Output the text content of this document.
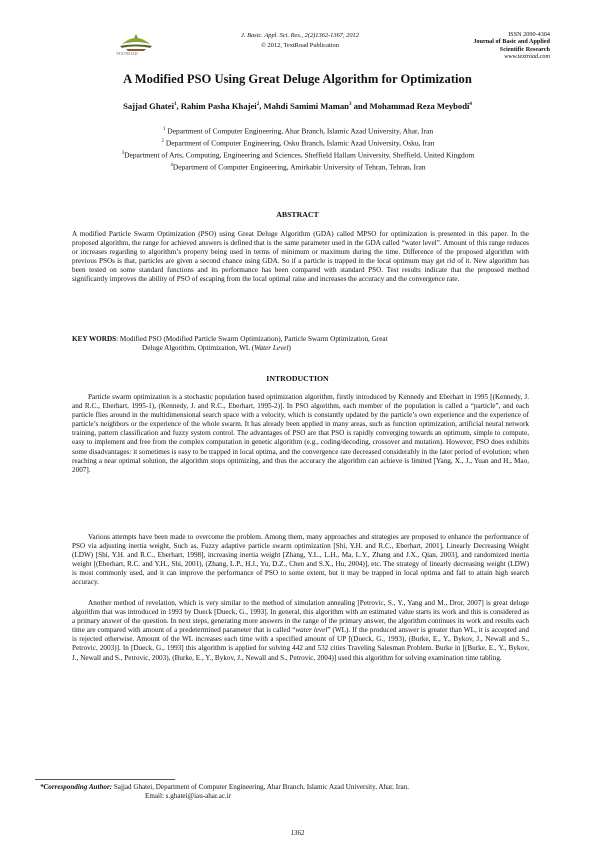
TEXTROAD
J. Basic. Appl. Sci. Res., 2(2)1362-1367, 2012
© 2012, TextRoad Publication
ISSN 2090-4304
Journal of Basic and Applied
Scientific Research
www.textroad.com
A Modified PSO Using Great Deluge Algorithm for Optimization
Sajjad Ghatei$^1$, Rahim Pasha Khajei$^2$, Mahdi Samimi Maman$^3$ and Mohammad Reza Meybodi$^4$
$^1$ Department of Computer Engineering, Ahar Branch, Islamic Azad University, Ahar, Iran
$^2$ Department of Computer Engineering, Osku Branch, Islamic Azad University, Osku, Iran
$^3$Department of Arts, Computing, Engineering and Sciences, Sheffield Hallam University, Sheffield, United Kingdom
$^4$Department of Computer Engineering, Amirkabir University of Tehran, Tehran, Iran
ABSTRACT
A modified Particle Swarm Optimization (PSO) using Great Deluge Algorithm (GDA) called MPSO for optimization is presented in this paper. In the proposed algorithm, the range for achieved answers is defined that is the same parameter used in the GDA called “water level”. Amount of this range reduces or increases regarding to algorithm’s property being used in terms of minimum or maximum during the time. Difference of the proposed algorithm with previous PSOs is that, particles are given a second chance using GDA. So if a particle is trapped in the local optimum may get rid of it. New algorithm has been tested on some standard functions and its performance has been compared with standard PSO. Test results indicate that the proposed method significantly improves the ability of PSO of escaping from the local optimal raise and increases the accuracy and the convergence rate.
KEY WORDS: Modified PSO (Modified Particle Swarm Optimization), Particle Swarm Optimization, Great
Deluge Algorithm, Optimization, WL (Water Level)
INTRODUCTION
Particle swarm optimization is a stochastic population based optimization algorithm, firstly introduced by Kennedy and Eberhart in 1995 [(Kennedy, J. and R.C., Eberhart, 1995-1), (Kennedy, J. and R.C., Eberhart, 1995-2)]. In PSO algorithm, each member of the population is called a “particle”, and each particle flies around in the multidimensional search space with a velocity, which is constantly updated by the particle’s own experience and the experience of particle’s neighbors or the experience of the whole swarm. It has already been applied in many areas, such as function optimization, artificial neural network training, pattern classification and fuzzy system control. The advantages of PSO are that PSO is rapidly converging towards an optimum, simple to compute, easy to implement and free from the complex computation in genetic algorithm (e.g., coding/decoding, crossover and mutation). However, PSO does exhibits some disadvantages: it sometimes is easy to be trapped in local optima, and the convergence rate decreased considerably in the later period of evolution; when reaching a near optimal solution, the algorithm stops optimizing, and thus the accuracy the algorithm can achieve is limited [Yang, X., J., Yuan and H., Mao, 2007].
Various attempts have been made to overcome the problem. Among them, many approaches and strategies are proposed to enhance the performance of PSO via adjusting inertia weight, Such as, Fuzzy adaptive particle swarm optimization [Shi, Y.H. and R.C., Eberhart, 2001], Linearly Decreasing Weight (LDW) [Shi, Y.H. and R.C., Eberhart, 1998], increasing inertia weight [Zhang, Y.L., L.H., Ma, L.Y., Zhang and J.X., Qian, 2003], and randomized inertia weight [(Eberhart, R.C. and Y.H., Shi, 2001), (Zhang, L.P., H.J., Yu, D.Z., Chen and S.X., Hu, 2004)], etc. The strategy of linearly decreasing weight (LDW) is most commonly used, and it can improve the performance of PSO to some extent, but it may be trapped in local optima and fail to attain high search accuracy.
Another method of revelation, which is very similar to the method of simulation annealing [Petrovic, S., Y., Yang and M., Dror, 2007] is great deluge algorithm that was introduced in 1993 by Dueck [Dueck, G., 1993]. In general, this algorithm with an estimated value starts its work and this is considered as a primary answer of the question. In next steps, generating more answers in the range of the primary answer, the algorithm continues its work and results each time are compared with amount of a predetermined parameter that is called “water level” (WL). If the produced answer is greater than WL, it is accepted and is rejected otherwise. Amount of the WL increases each time with a specified amount of UP [(Dueck, G., 1993), (Burke, E., Y., Bykov, J., Newall and S., Petrovic, 2003)]. In [Dueck, G., 1993] this algorithm is applied for solving 442 and 532 cities Traveling Salesman Problem. Burke in [(Burke, E., Y., Bykov, J., Newall and S., Petrovic, 2003), (Burke, E., Y., Bykov, J., Newall and S., Petrovic, 2004)] used this algorithm for solving examination time tabling.
*Corresponding Author: Sajjad Ghatei, Department of Computer Engineering, Ahar Branch, Islamic Azad University, Ahar, Iran.
Email: s.ghatei@iau-ahar.ac.ir
1362
